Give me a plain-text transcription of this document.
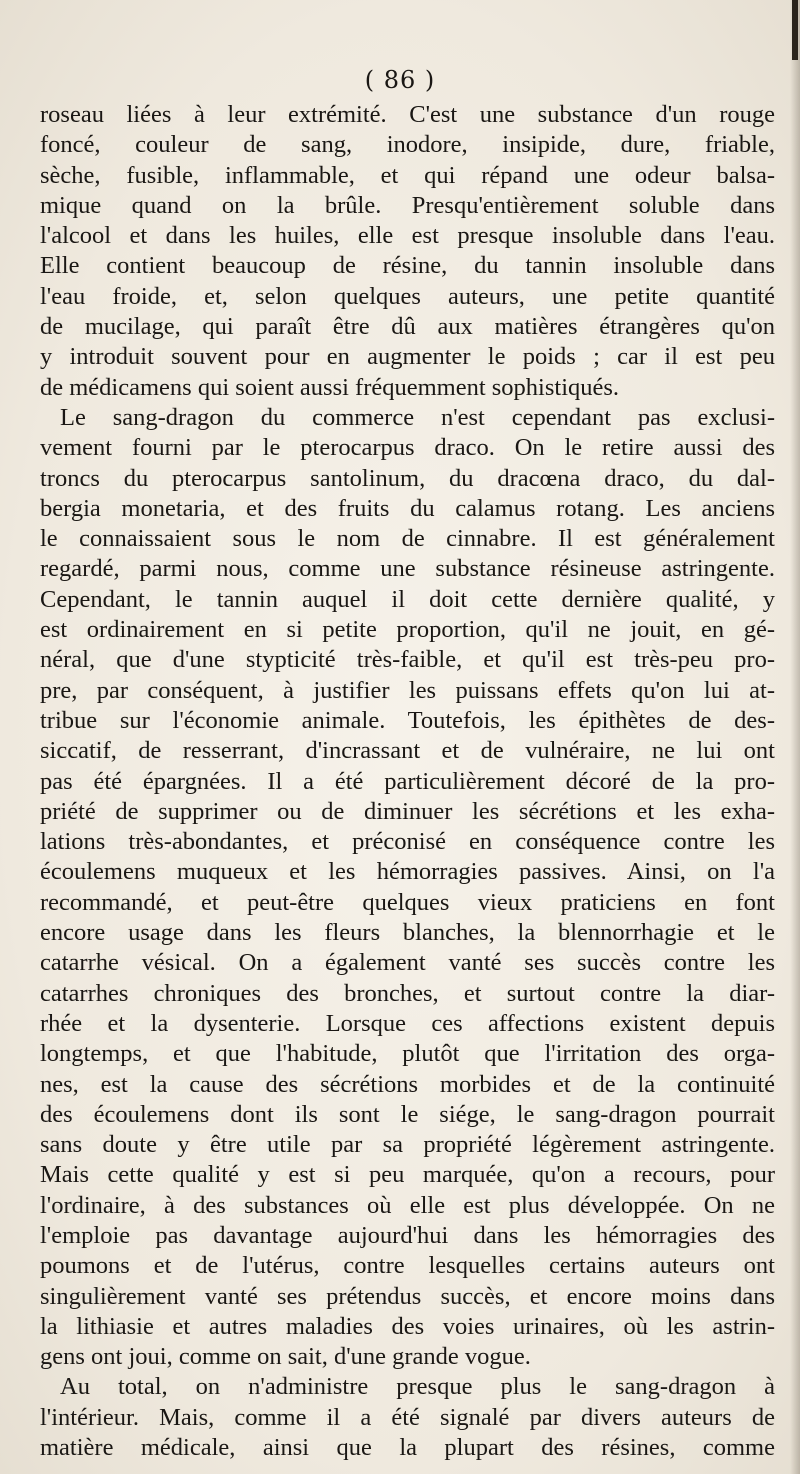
( 86 )
roseau liées à leur extrémité. C'est une substance d'un rouge
foncé, couleur de sang, inodore, insipide, dure, friable,
sèche, fusible, inflammable, et qui répand une odeur balsa-
mique quand on la brûle. Presqu'entièrement soluble dans
l'alcool et dans les huiles, elle est presque insoluble dans l'eau.
Elle contient beaucoup de résine, du tannin insoluble dans
l'eau froide, et, selon quelques auteurs, une petite quantité
de mucilage, qui paraît être dû aux matières étrangères qu'on
y introduit souvent pour en augmenter le poids ; car il est peu
de médicamens qui soient aussi fréquemment sophistiqués.
Le sang-dragon du commerce n'est cependant pas exclusi-
vement fourni par le pterocarpus draco. On le retire aussi des
troncs du pterocarpus santolinum, du dracœna draco, du dal-
bergia monetaria, et des fruits du calamus rotang. Les anciens
le connaissaient sous le nom de cinnabre. Il est généralement
regardé, parmi nous, comme une substance résineuse astringente.
Cependant, le tannin auquel il doit cette dernière qualité, y
est ordinairement en si petite proportion, qu'il ne jouit, en gé-
néral, que d'une stypticité très-faible, et qu'il est très-peu pro-
pre, par conséquent, à justifier les puissans effets qu'on lui at-
tribue sur l'économie animale. Toutefois, les épithètes de des-
siccatif, de resserrant, d'incrassant et de vulnéraire, ne lui ont
pas été épargnées. Il a été particulièrement décoré de la pro-
priété de supprimer ou de diminuer les sécrétions et les exha-
lations très-abondantes, et préconisé en conséquence contre les
écoulemens muqueux et les hémorragies passives. Ainsi, on l'a
recommandé, et peut-être quelques vieux praticiens en font
encore usage dans les fleurs blanches, la blennorrhagie et le
catarrhe vésical. On a également vanté ses succès contre les
catarrhes chroniques des bronches, et surtout contre la diar-
rhée et la dysenterie. Lorsque ces affections existent depuis
longtemps, et que l'habitude, plutôt que l'irritation des orga-
nes, est la cause des sécrétions morbides et de la continuité
des écoulemens dont ils sont le siége, le sang-dragon pourrait
sans doute y être utile par sa propriété légèrement astringente.
Mais cette qualité y est si peu marquée, qu'on a recours, pour
l'ordinaire, à des substances où elle est plus développée. On ne
l'emploie pas davantage aujourd'hui dans les hémorragies des
poumons et de l'utérus, contre lesquelles certains auteurs ont
singulièrement vanté ses prétendus succès, et encore moins dans
la lithiasie et autres maladies des voies urinaires, où les astrin-
gens ont joui, comme on sait, d'une grande vogue.
Au total, on n'administre presque plus le sang-dragon à
l'intérieur. Mais, comme il a été signalé par divers auteurs de
matière médicale, ainsi que la plupart des résines, comme
